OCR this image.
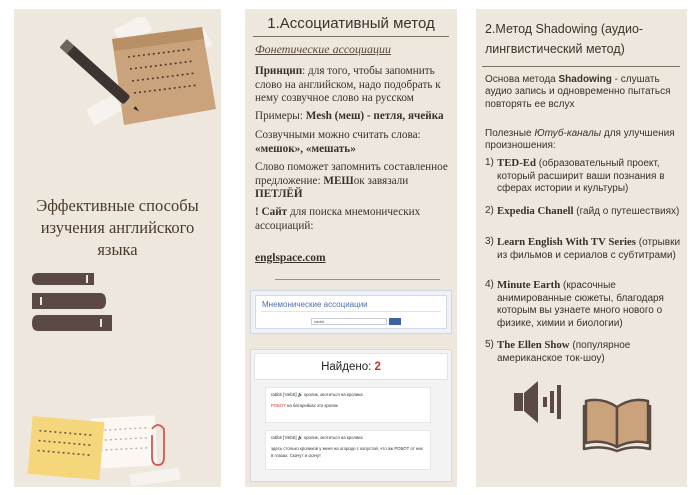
Эффективные способы изучения английского языка
1.Ассоциативный метод
Фонетические ассоциации
Принцип: для того, чтобы запомнить слово на английском, надо подобрать к нему созвучное слово на русском
Примеры: Mesh (меш) - петля, ячейка
Созвучными можно считать слова: «мешок», «мешать»
Слово поможет запомнить составленное предложение: МЕШок завязали ПЕТЛЁЙ
! Сайт для поиска мнемонических ассоциаций:
englspace.com
Мнемонические ассоциации
rabbit
Найдено: 2
rabbit ['ræbɪt] 🔊 кролик, окотиться на кролика
РОБОТ на батарейках это кролик
rabbit ['ræbɪt] 🔊 кролик, окотиться на кролика
здесь столько кроликов у меня на огороде с капустой, что аж РОБОТ от них в глазах. Скачут и скачут
2.Метод Shadowing (аудио-лингвистический метод)
Основа метода Shadowing - слушать аудио запись и одновременно пытаться повторять ее вслух
Полезные Ютуб-каналы для улучшения произношения:
1) TED-Ed (образовательный проект, который расширит ваши познания в сферах истории и культуры)
2) Expedia Chanell (гайд о путешествиях)
3) Learn English With TV Series (отрывки из фильмов и сериалов с субтитрами)
4) Minute Earth (красочные анимированные сюжеты, благодаря которым вы узнаете много нового о физике, химии и биологии)
5) The Ellen Show (популярное американское ток-шоу)
